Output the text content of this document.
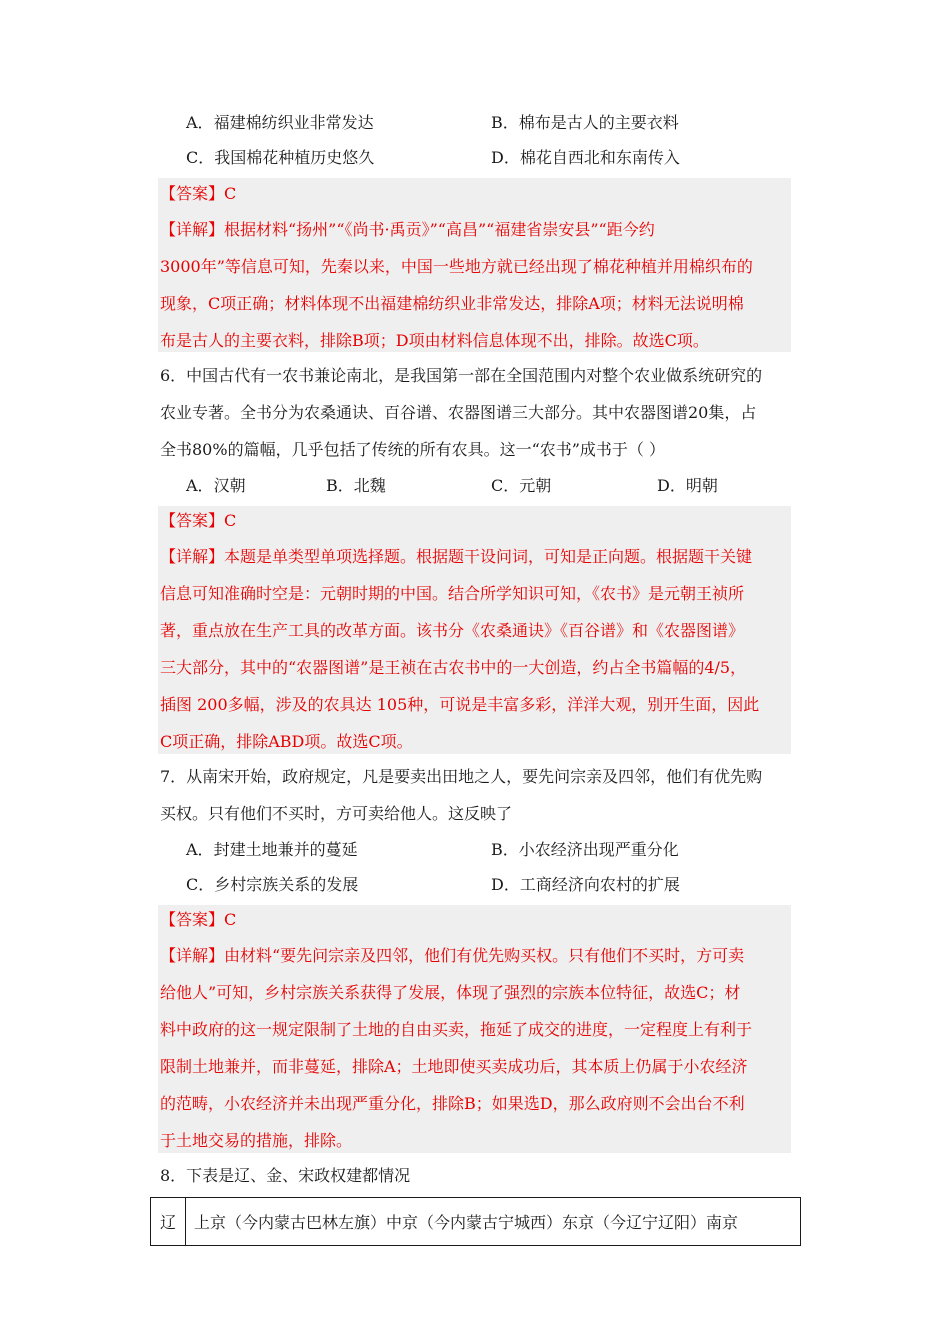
A．福建棉纺织业非常发达	B．棉布是古人的主要衣料
C．我国棉花种植历史悠久	D．棉花自西北和东南传入
【答案】C
【详解】根据材料“扬州”“《尚书·禹贡》”“高昌”“福建省崇安县”“距今约
3000年”等信息可知，先秦以来，中国一些地方就已经出现了棉花种植并用棉织布的
现象，C项正确；材料体现不出福建棉纺织业非常发达，排除A项；材料无法说明棉
布是古人的主要衣料，排除B项；D项由材料信息体现不出，排除。故选C项。
6．中国古代有一农书兼论南北，是我国第一部在全国范围内对整个农业做系统研究的
农业专著。全书分为农桑通诀、百谷谱、农器图谱三大部分。其中农器图谱20集，占
全书80%的篇幅，几乎包括了传统的所有农具。这一“农书”成书于（ ）
A．汉朝	B．北魏	C．元朝	D．明朝
【答案】C
【详解】本题是单类型单项选择题。根据题干设问词，可知是正向题。根据题干关键
信息可知准确时空是：元朝时期的中国。结合所学知识可知，《农书》是元朝王祯所
著，重点放在生产工具的改革方面。该书分《农桑通诀》《百谷谱》和《农器图谱》
三大部分，其中的“农器图谱”是王祯在古农书中的一大创造，约占全书篇幅的4/5，
插图 200多幅，涉及的农具达 105种，可说是丰富多彩，洋洋大观，别开生面，因此
C项正确，排除ABD项。故选C项。
7．从南宋开始，政府规定，凡是要卖出田地之人，要先问宗亲及四邻，他们有优先购
买权。只有他们不买时，方可卖给他人。这反映了
A．封建土地兼并的蔓延	B．小农经济出现严重分化
C．乡村宗族关系的发展	D．工商经济向农村的扩展
【答案】C
【详解】由材料“要先问宗亲及四邻，他们有优先购买权。只有他们不买时，方可卖
给他人”可知，乡村宗族关系获得了发展，体现了强烈的宗族本位特征，故选C；材
料中政府的这一规定限制了土地的自由买卖，拖延了成交的进度，一定程度上有利于
限制土地兼并，而非蔓延，排除A；土地即使买卖成功后，其本质上仍属于小农经济
的范畴，小农经济并未出现严重分化，排除B；如果选D，那么政府则不会出台不利
于土地交易的措施，排除。
8．下表是辽、金、宋政权建都情况
辽	上京（今内蒙古巴林左旗）中京（今内蒙古宁城西）东京（今辽宁辽阳）南京
